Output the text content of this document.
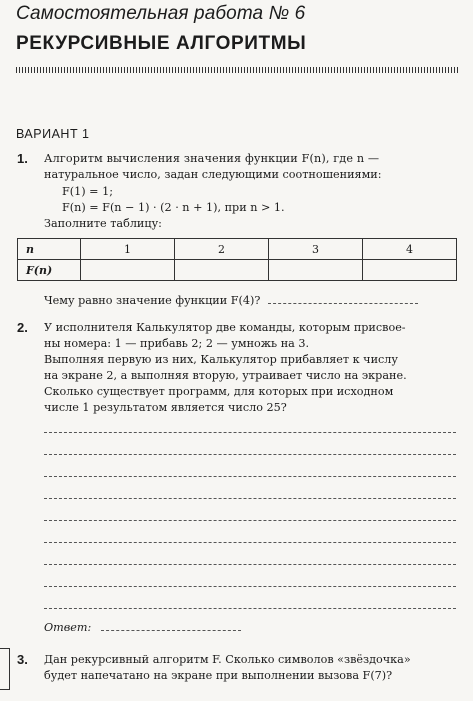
Самостоятельная работа № 6
РЕКУРСИВНЫЕ АЛГОРИТМЫ
ВАРИАНТ 1
1. Алгоритм вычисления значения функции F(n), где n —
натуральное число, задан следующими соотношениями:
F(1) = 1;
F(n) = F(n − 1) · (2 · n + 1), при n > 1.
Заполните таблицу:
n	1	2	3	4
F(n)				
Чему равно значение функции F(4)?
2. У исполнителя Калькулятор две команды, которым присвое-
ны номера: 1 — прибавь 2; 2 — умножь на 3.
Выполняя первую из них, Калькулятор прибавляет к числу
на экране 2, а выполняя вторую, утраивает число на экране.
Сколько существует программ, для которых при исходном
числе 1 результатом является число 25?
Ответ:
3. Дан рекурсивный алгоритм F. Сколько символов «звёздочка»
будет напечатано на экране при выполнении вызова F(7)?
